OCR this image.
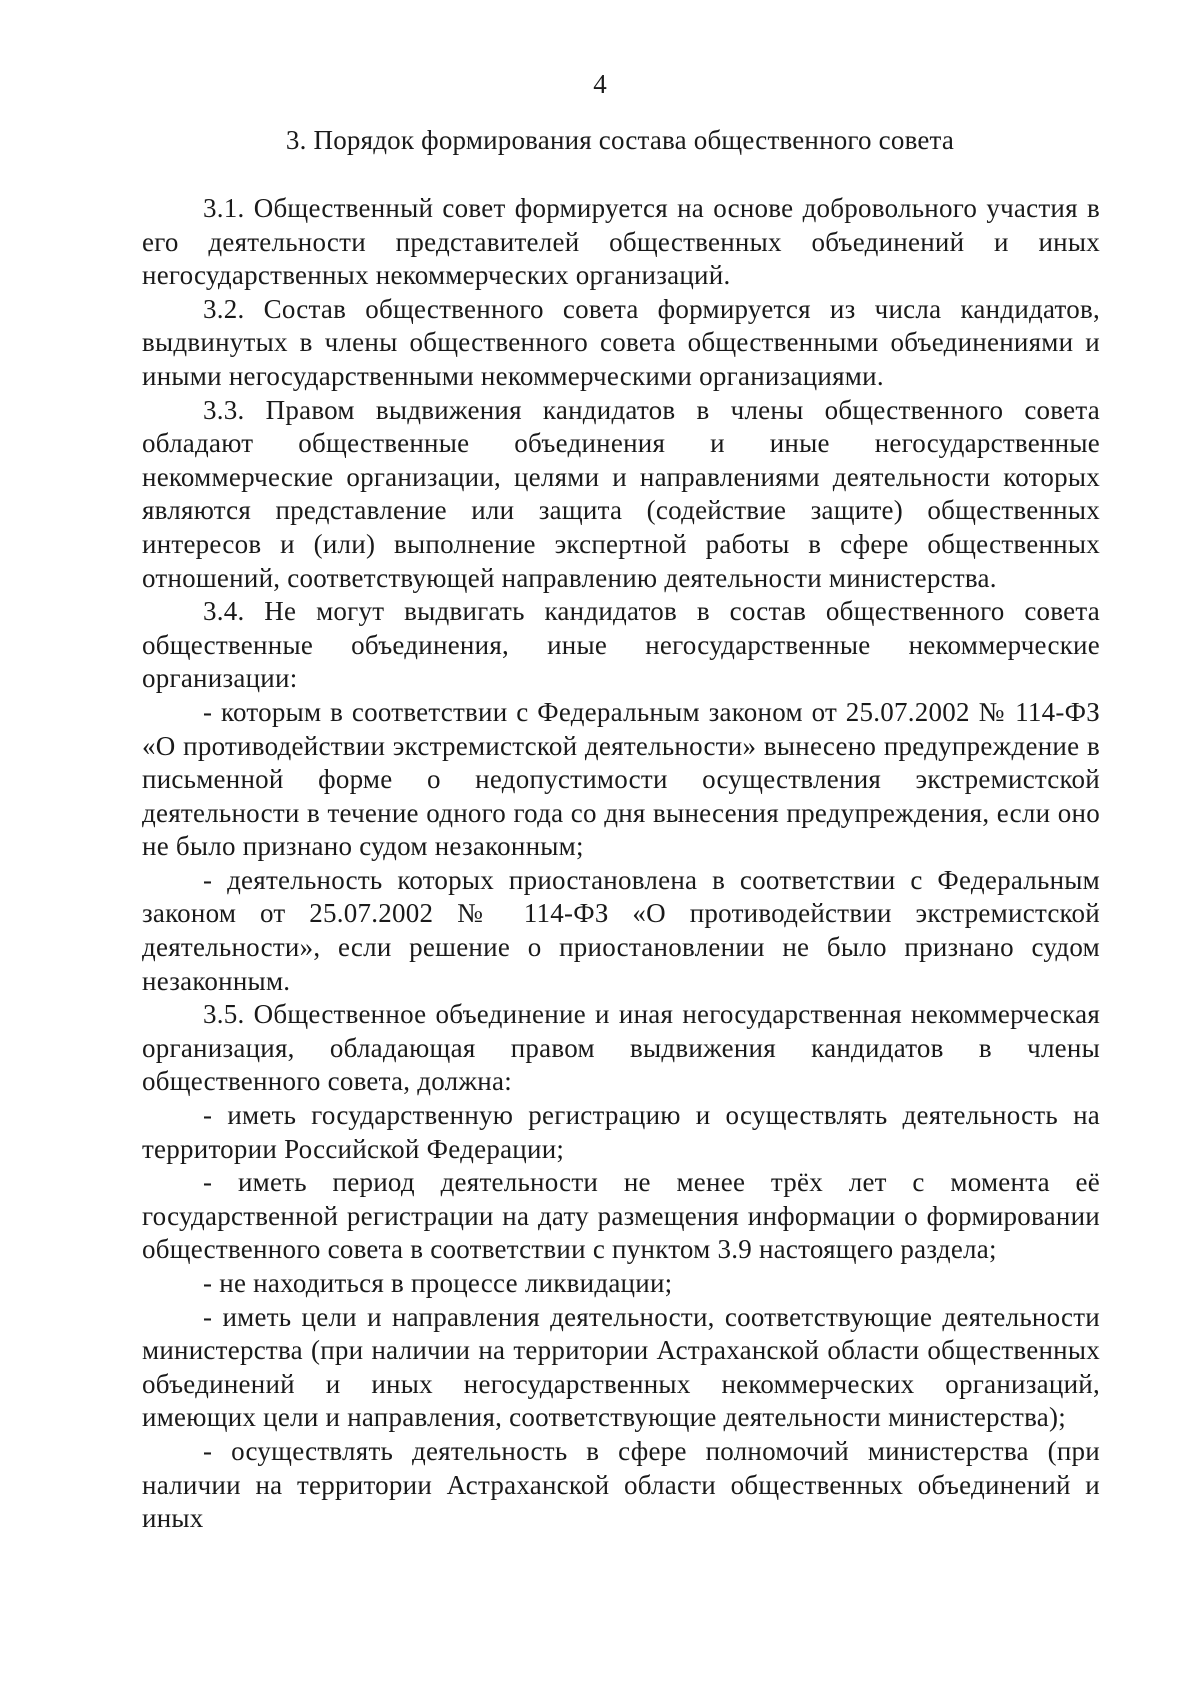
4
3. Порядок формирования состава общественного совета

3.1. Общественный совет формируется на основе добровольного участия в его деятельности представителей общественных объединений и иных негосударственных некоммерческих организаций.

3.2. Состав общественного совета формируется из числа кандидатов, выдвинутых в члены общественного совета общественными объединениями и иными негосударственными некоммерческими организациями.

3.3. Правом выдвижения кандидатов в члены общественного совета обладают общественные объединения и иные негосударственные некоммерческие организации, целями и направлениями деятельности которых являются представление или защита (содействие защите) общественных интересов и (или) выполнение экспертной работы в сфере общественных отношений, соответствующей направлению деятельности министерства.

3.4. Не могут выдвигать кандидатов в состав общественного совета общественные объединения, иные негосударственные некоммерческие организации:

- которым в соответствии с Федеральным законом от 25.07.2002 № 114-ФЗ «О противодействии экстремистской деятельности» вынесено предупреждение в письменной форме о недопустимости осуществления экстремистской деятельности в течение одного года со дня вынесения предупреждения, если оно не было признано судом незаконным;

- деятельность которых приостановлена в соответствии с Федеральным законом от 25.07.2002 № 114-ФЗ «О противодействии экстремистской деятельности», если решение о приостановлении не было признано судом незаконным.

3.5. Общественное объединение и иная негосударственная некоммерческая организация, обладающая правом выдвижения кандидатов в члены общественного совета, должна:

- иметь государственную регистрацию и осуществлять деятельность на территории Российской Федерации;

- иметь период деятельности не менее трёх лет с момента её государственной регистрации на дату размещения информации о формировании общественного совета в соответствии с пунктом 3.9 настоящего раздела;

- не находиться в процессе ликвидации;

- иметь цели и направления деятельности, соответствующие деятельности министерства (при наличии на территории Астраханской области общественных объединений и иных негосударственных некоммерческих организаций, имеющих цели и направления, соответствующие деятельности министерства);

- осуществлять деятельность в сфере полномочий министерства (при наличии на территории Астраханской области общественных объединений и иных
